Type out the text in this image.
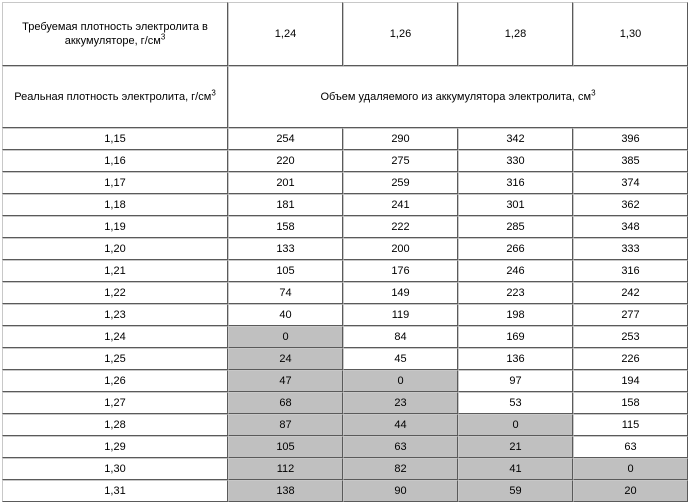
Требуемая плотность электролита в аккумуляторе, $г/см^3$	1,24	1,26	1,28	1,30
Реальная плотность электролита, $г/см^3$	Объем удаляемого из аккумулятора электролита, $см^3$
1,15	254	290	342	396
1,16	220	275	330	385
1,17	201	259	316	374
1,18	181	241	301	362
1,19	158	222	285	348
1,20	133	200	266	333
1,21	105	176	246	316
1,22	74	149	223	242
1,23	40	119	198	277
1,24	0	84	169	253
1,25	24	45	136	226
1,26	47	0	97	194
1,27	68	23	53	158
1,28	87	44	0	115
1,29	105	63	21	63
1,30	112	82	41	0
1,31	138	90	59	20
